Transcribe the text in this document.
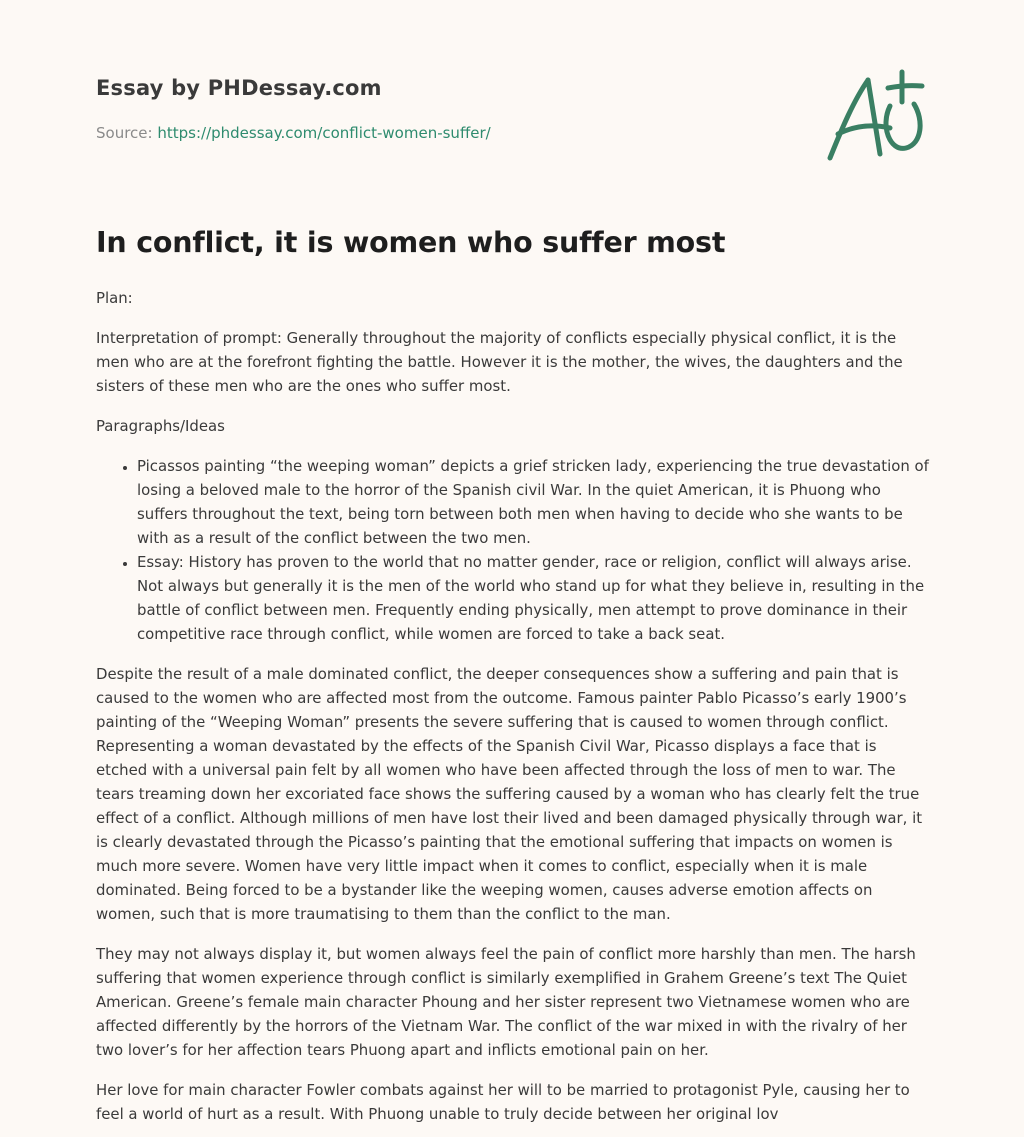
Essay by PHDessay.com

Source: https://phdessay.com/conflict-women-suffer/

In conflict, it is women who suffer most

Plan:

Interpretation of prompt: Generally throughout the majority of conflicts especially physical conflict, it is the men who are at the forefront fighting the battle. However it is the mother, the wives, the daughters and the sisters of these men who are the ones who suffer most.

Paragraphs/Ideas

• Picassos painting “the weeping woman” depicts a grief stricken lady, experiencing the true devastation of losing a beloved male to the horror of the Spanish civil War. In the quiet American, it is Phuong who suffers throughout the text, being torn between both men when having to decide who she wants to be with as a result of the conflict between the two men.
• Essay: History has proven to the world that no matter gender, race or religion, conflict will always arise. Not always but generally it is the men of the world who stand up for what they believe in, resulting in the battle of conflict between men. Frequently ending physically, men attempt to prove dominance in their competitive race through conflict, while women are forced to take a back seat.

Despite the result of a male dominated conflict, the deeper consequences show a suffering and pain that is caused to the women who are affected most from the outcome. Famous painter Pablo Picasso’s early 1900’s painting of the “Weeping Woman” presents the severe suffering that is caused to women through conflict. Representing a woman devastated by the effects of the Spanish Civil War, Picasso displays a face that is etched with a universal pain felt by all women who have been affected through the loss of men to war. The tears treaming down her excoriated face shows the suffering caused by a woman who has clearly felt the true effect of a conflict. Although millions of men have lost their lived and been damaged physically through war, it is clearly devastated through the Picasso’s painting that the emotional suffering that impacts on women is much more severe. Women have very little impact when it comes to conflict, especially when it is male dominated. Being forced to be a bystander like the weeping women, causes adverse emotion affects on women, such that is more traumatising to them than the conflict to the man.

They may not always display it, but women always feel the pain of conflict more harshly than men. The harsh suffering that women experience through conflict is similarly exemplified in Grahem Greene’s text The Quiet American. Greene’s female main character Phoung and her sister represent two Vietnamese women who are affected differently by the horrors of the Vietnam War. The conflict of the war mixed in with the rivalry of her two lover’s for her affection tears Phuong apart and inflicts emotional pain on her.

Her love for main character Fowler combats against her will to be married to protagonist Pyle, causing her to feel a world of hurt as a result. With Phuong unable to truly decide between her original lov
